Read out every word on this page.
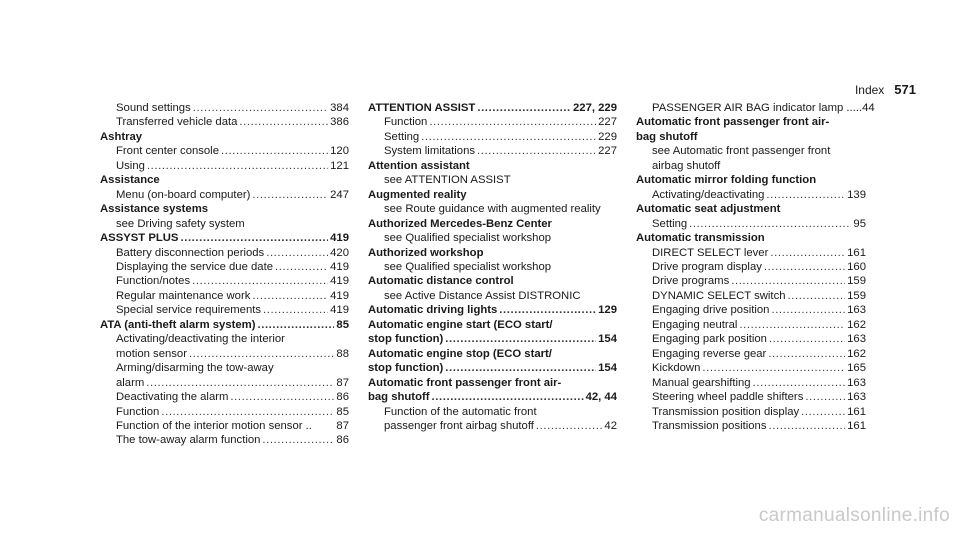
Index 571
Sound settings .....	384
Transferred vehicle data .....	386
Ashtray
Front center console .....	120
Using .....	121
Assistance
Menu (on-board computer) .....	247
Assistance systems
see Driving safety system
ASSYST PLUS .....	419
Battery disconnection periods .....	420
Displaying the service due date .....	419
Function/notes .....	419
Regular maintenance work .....	419
Special service requirements .....	419
ATA (anti-theft alarm system) .....	85
Activating/deactivating the interior
motion sensor .....	88
Arming/disarming the tow-away
alarm .....	87
Deactivating the alarm .....	86
Function .....	85
Function of the interior motion sensor .. 87
The tow-away alarm function .....	86
ATTENTION ASSIST .....	227, 229
Function .....	227
Setting .....	229
System limitations .....	227
Attention assistant
see ATTENTION ASSIST
Augmented reality
see Route guidance with augmented reality
Authorized Mercedes-Benz Center
see Qualified specialist workshop
Authorized workshop
see Qualified specialist workshop
Automatic distance control
see Active Distance Assist DISTRONIC
Automatic driving lights .....	129
Automatic engine start (ECO start/
stop function) .....	154
Automatic engine stop (ECO start/
stop function) .....	154
Automatic front passenger front air-
bag shutoff .....	42, 44
Function of the automatic front
passenger front airbag shutoff .....	42
PASSENGER AIR BAG indicator lamp ..... 44
Automatic front passenger front air-
bag shutoff
see Automatic front passenger front
airbag shutoff
Automatic mirror folding function
Activating/deactivating .....	139
Automatic seat adjustment
Setting .....	95
Automatic transmission
DIRECT SELECT lever .....	161
Drive program display .....	160
Drive programs .....	159
DYNAMIC SELECT switch .....	159
Engaging drive position .....	163
Engaging neutral .....	162
Engaging park position .....	163
Engaging reverse gear .....	162
Kickdown .....	165
Manual gearshifting .....	163
Steering wheel paddle shifters .....	163
Transmission position display .....	161
Transmission positions .....	161
carmanualsonline.info
